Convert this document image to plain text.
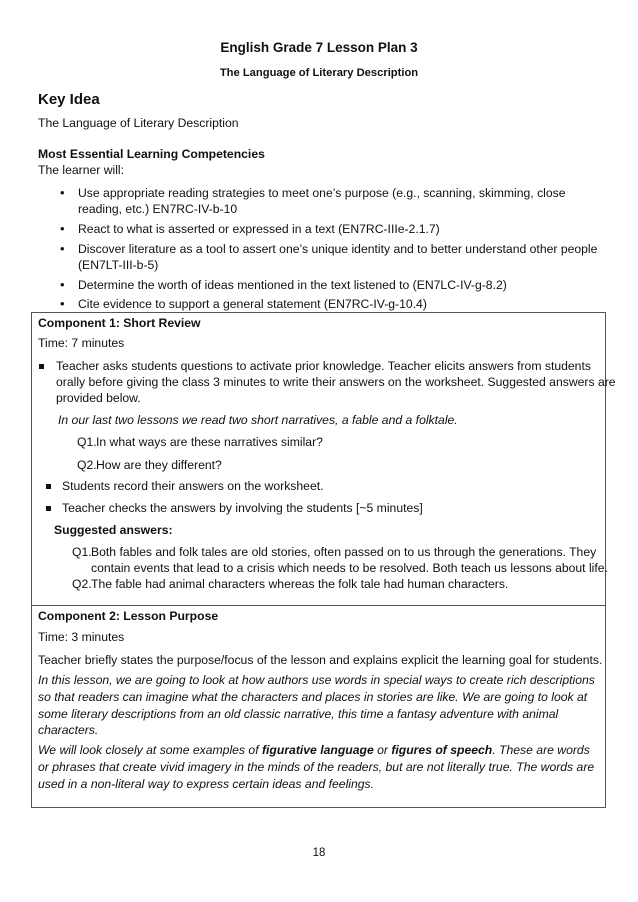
English Grade 7 Lesson Plan 3
The Language of Literary Description
Key Idea
The Language of Literary Description
Most Essential Learning Competencies
The learner will:
• Use appropriate reading strategies to meet one’s purpose (e.g., scanning, skimming, close reading, etc.) EN7RC-IV-b-10
• React to what is asserted or expressed in a text (EN7RC-IIIe-2.1.7)
• Discover literature as a tool to assert one’s unique identity and to better understand other people (EN7LT-III-b-5)
• Determine the worth of ideas mentioned in the text listened to (EN7LC-IV-g-8.2)
• Cite evidence to support a general statement (EN7RC-IV-g-10.4)
Component 1: Short Review
Time: 7 minutes
Teacher asks students questions to activate prior knowledge. Teacher elicits answers from students
orally before giving the class 3 minutes to write their answers on the worksheet. Suggested answers are
provided below.
In our last two lessons we read two short narratives, a fable and a folktale.
Q1.In what ways are these narratives similar?
Q2.How are they different?
Students record their answers on the worksheet.
Teacher checks the answers by involving the students [~5 minutes]
Suggested answers:
Q1.Both fables and folk tales are old stories, often passed on to us through the generations. They
contain events that lead to a crisis which needs to be resolved. Both teach us lessons about life.
Q2.The fable had animal characters whereas the folk tale had human characters.
Component 2: Lesson Purpose
Time: 3 minutes
Teacher briefly states the purpose/focus of the lesson and explains explicit the learning goal for students.
In this lesson, we are going to look at how authors use words in special ways to create rich descriptions so that readers can imagine what the characters and places in stories are like. We are going to look at some literary descriptions from an old classic narrative, this time a fantasy adventure with animal characters.
We will look closely at some examples of figurative language or figures of speech. These are words or phrases that create vivid imagery in the minds of the readers, but are not literally true. The words are used in a non-literal way to express certain ideas and feelings.
18
